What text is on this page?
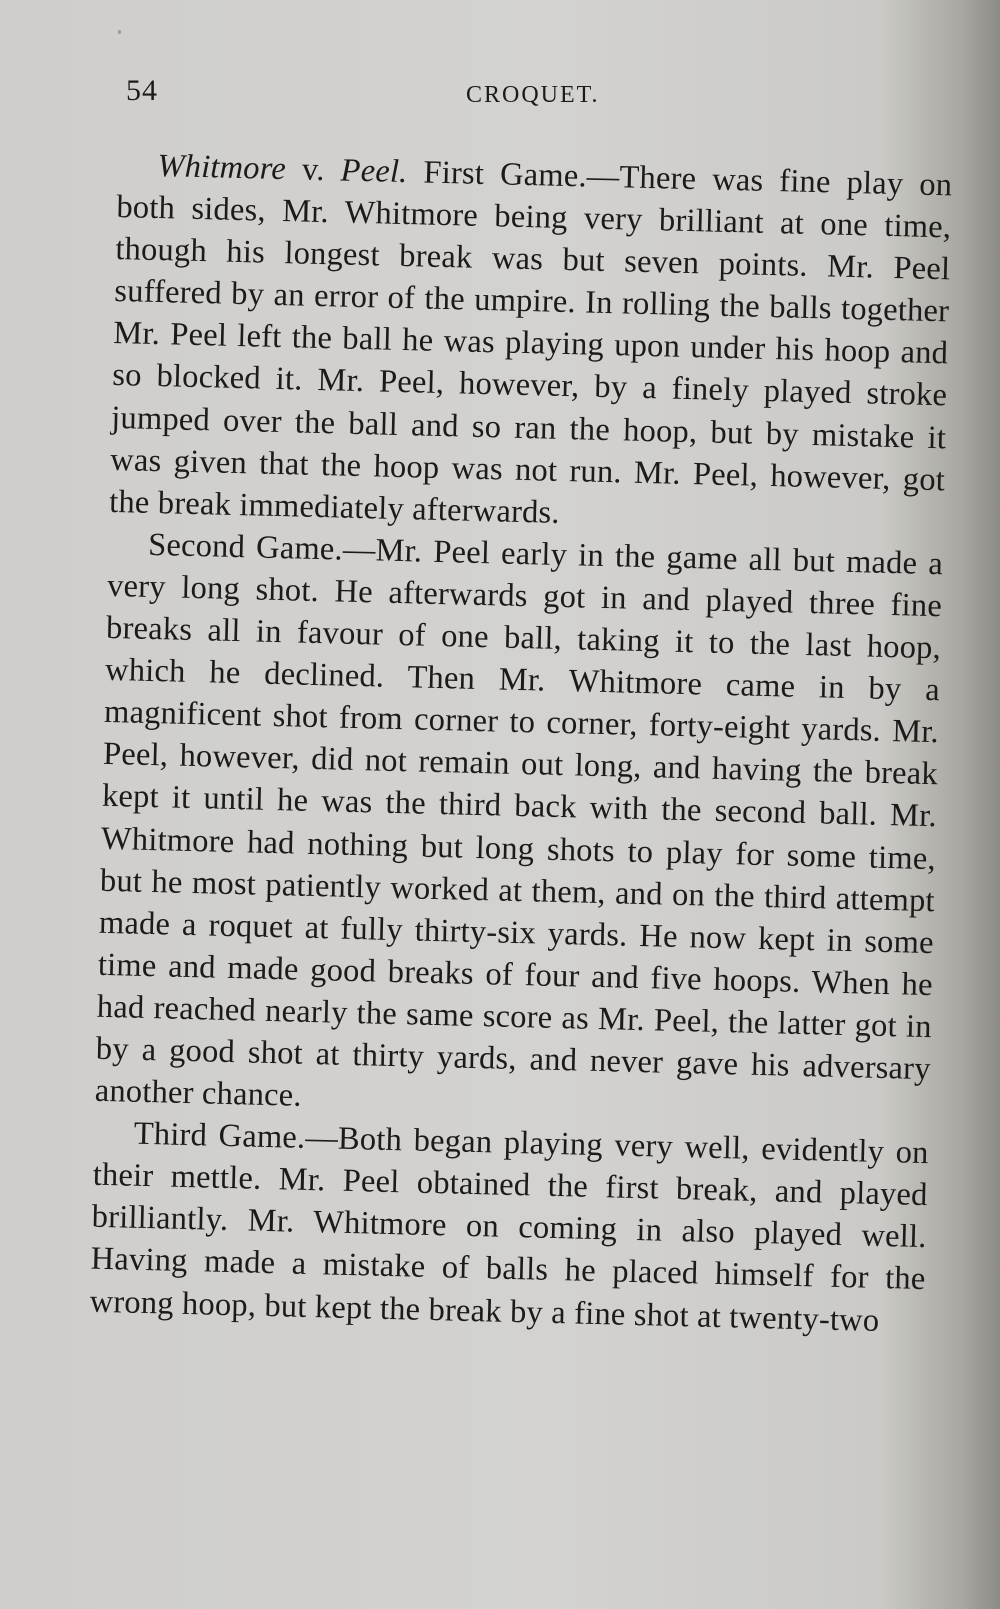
54	CROQUET.

Whitmore v. Peel. First Game.—There was fine play on both sides, Mr. Whitmore being very brilliant at one time, though his longest break was but seven points. Mr. Peel suffered by an error of the umpire. In rolling the balls together Mr. Peel left the ball he was playing upon under his hoop and so blocked it. Mr. Peel, however, by a finely played stroke jumped over the ball and so ran the hoop, but by mistake it was given that the hoop was not run. Mr. Peel, however, got the break immediately afterwards.

Second Game.—Mr. Peel early in the game all but made a very long shot. He afterwards got in and played three fine breaks all in favour of one ball, taking it to the last hoop, which he declined. Then Mr. Whitmore came in by a magnificent shot from corner to corner, forty-eight yards. Mr. Peel, however, did not remain out long, and having the break kept it until he was the third back with the second ball. Mr. Whitmore had nothing but long shots to play for some time, but he most patiently worked at them, and on the third attempt made a roquet at fully thirty-six yards. He now kept in some time and made good breaks of four and five hoops. When he had reached nearly the same score as Mr. Peel, the latter got in by a good shot at thirty yards, and never gave his adversary another chance.

Third Game.—Both began playing very well, evidently on their mettle. Mr. Peel obtained the first break, and played brilliantly. Mr. Whitmore on coming in also played well. Having made a mistake of balls he placed himself for the wrong hoop, but kept the break by a fine shot at twenty-two
